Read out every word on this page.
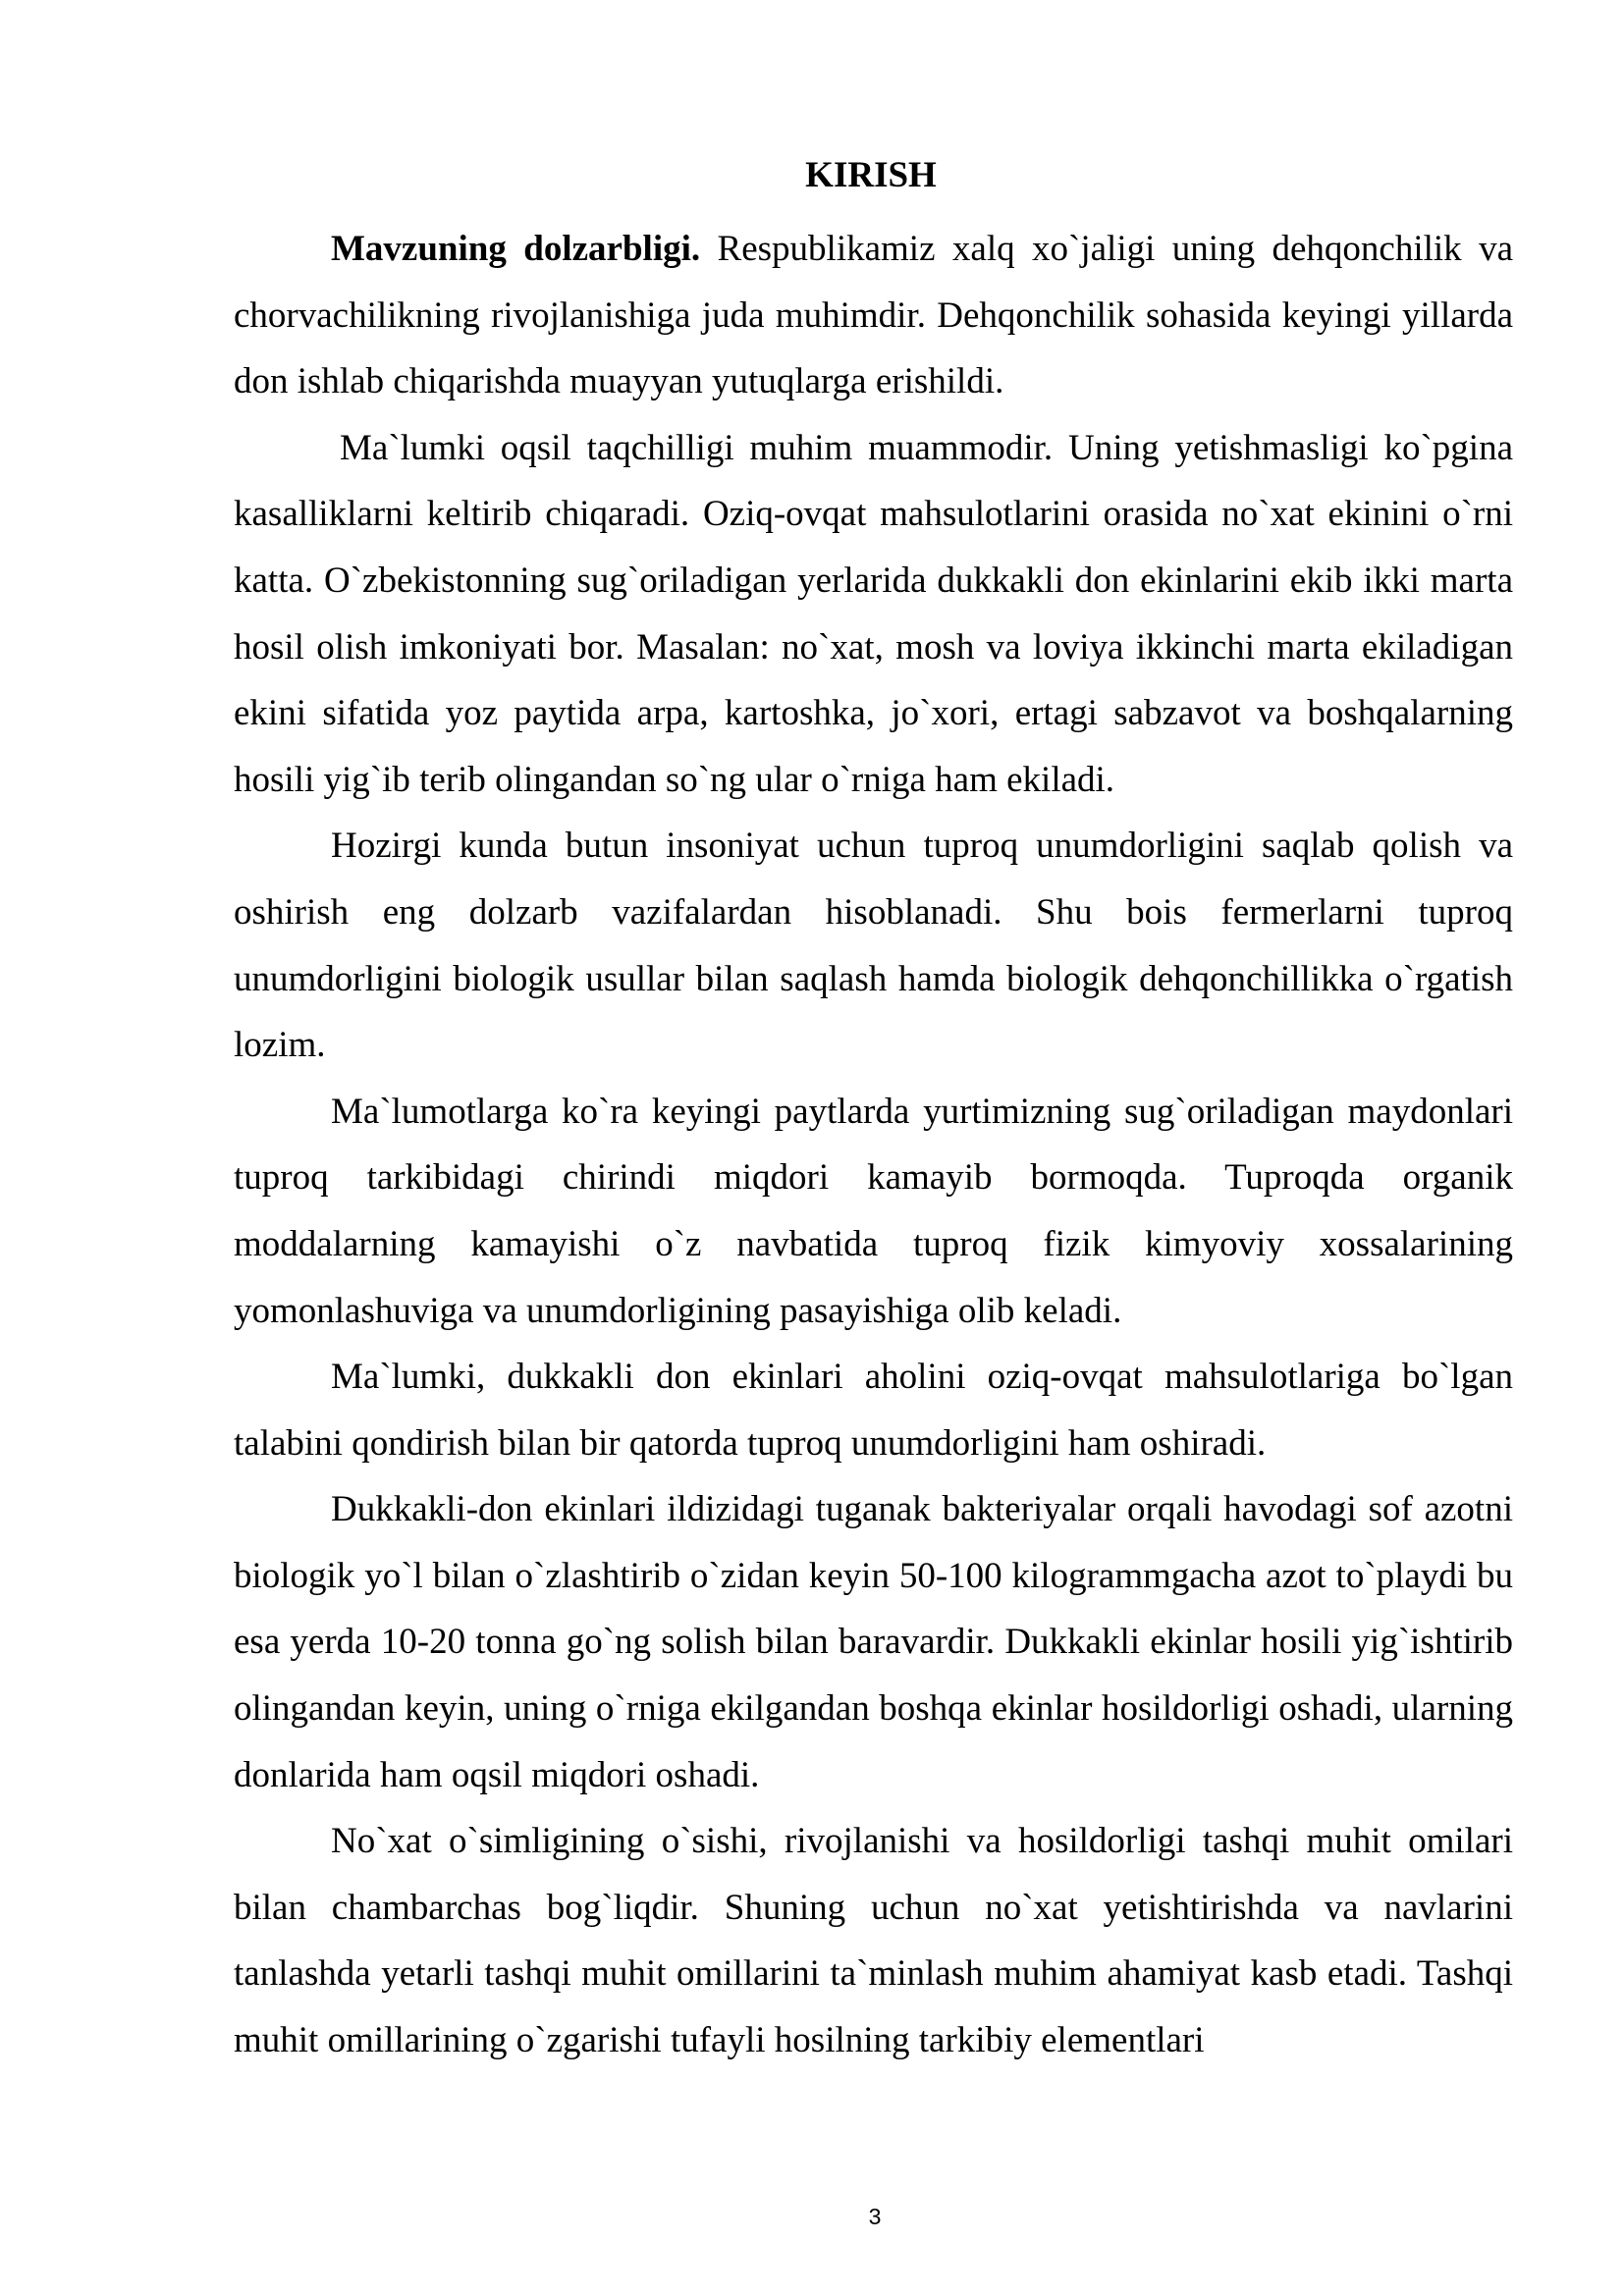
KIRISH

Mavzuning dolzarbligi. Respublikamiz xalq xo`jaligi uning dehqonchilik va chorvachilikning rivojlanishiga juda muhimdir. Dehqonchilik sohasida keyingi yillarda don ishlab chiqarishda muayyan yutuqlarga erishildi.

Ma`lumki oqsil taqchilligi muhim muammodir. Uning yetishmasligi ko`pgina kasalliklarni keltirib chiqaradi. Oziq-ovqat mahsulotlarini orasida no`xat ekinini o`rni katta. O`zbekistonning sug`oriladigan yerlarida dukkakli don ekinlarini ekib ikki marta hosil olish imkoniyati bor. Masalan: no`xat, mosh va loviya ikkinchi marta ekiladigan ekini sifatida yoz paytida arpa, kartoshka, jo`xori, ertagi sabzavot va boshqalarning hosili yig`ib terib olingandan so`ng ular o`rniga ham ekiladi.

Hozirgi kunda butun insoniyat uchun tuproq unumdorligini saqlab qolish va oshirish eng dolzarb vazifalardan hisoblanadi. Shu bois fermerlarni tuproq unumdorligini biologik usullar bilan saqlash hamda biologik dehqonchillikka o`rgatish lozim.

Ma`lumotlarga ko`ra keyingi paytlarda yurtimizning sug`oriladigan maydonlari tuproq tarkibidagi chirindi miqdori kamayib bormoqda. Tuproqda organik moddalarning kamayishi o`z navbatida tuproq fizik kimyoviy xossalarining yomonlashuviga va unumdorligining pasayishiga olib keladi.

Ma`lumki, dukkakli don ekinlari aholini oziq-ovqat mahsulotlariga bo`lgan talabini qondirish bilan bir qatorda tuproq unumdorligini ham oshiradi.

Dukkakli-don ekinlari ildizidagi tuganak bakteriyalar orqali havodagi sof azotni biologik yo`l bilan o`zlashtirib o`zidan keyin 50-100 kilogrammgacha azot to`playdi bu esa yerda 10-20 tonna go`ng solish bilan baravardir. Dukkakli ekinlar hosili yig`ishtirib olingandan keyin, uning o`rniga ekilgandan boshqa ekinlar hosildorligi oshadi, ularning donlarida ham oqsil miqdori oshadi.

No`xat o`simligining o`sishi, rivojlanishi va hosildorligi tashqi muhit omilari bilan chambarchas bog`liqdir. Shuning uchun no`xat yetishtirishda va navlarini tanlashda yetarli tashqi muhit omillarini ta`minlash muhim ahamiyat kasb etadi. Tashqi muhit omillarining o`zgarishi tufayli hosilning tarkibiy elementlari

3
